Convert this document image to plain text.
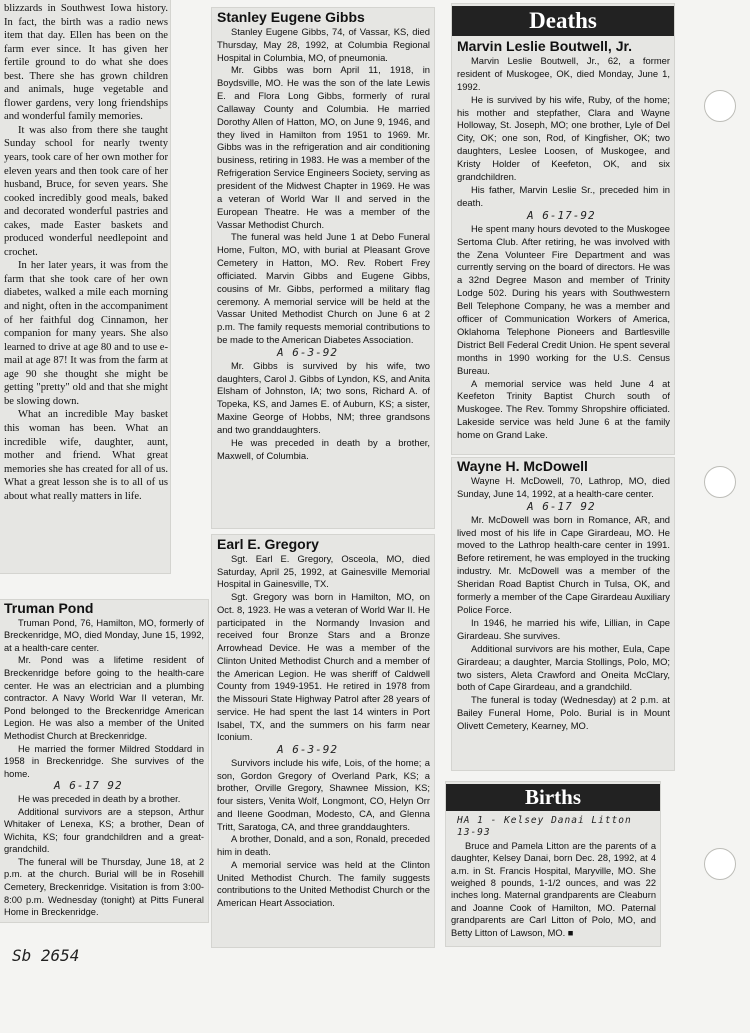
blizzards in Southwest Iowa history. In fact, the birth was a radio news item that day. Ellen has been on the farm ever since. It has given her fertile ground to do what she does best. There she has grown children and animals, huge vegetable and flower gardens, very long friendships and wonderful family memories.

It was also from there she taught Sunday school for nearly twenty years, took care of her own mother for eleven years and then took care of her husband, Bruce, for seven years. She cooked incredibly good meals, baked and decorated wonderful pastries and cakes, made Easter baskets and produced wonderful needlepoint and crochet.

In her later years, it was from the farm that she took care of her own diabetes, walked a mile each morning and night, often in the accompaniment of her faithful dog Cinnamon, her companion for many years. She also learned to drive at age 80 and to use e-mail at age 87! It was from the farm at age 90 she thought she might be getting "pretty" old and that she might be slowing down.

What an incredible May basket this woman has been. What an incredible wife, daughter, aunt, mother and friend. What great memories she has created for all of us. What a great lesson she is to all of us about what really matters in life.

Truman Pond

Truman Pond, 76, Hamilton, MO, formerly of Breckenridge, MO, died Monday, June 15, 1992, at a health-care center.

Mr. Pond was a lifetime resident of Breckenridge before going to the health-care center. He was an electrician and a plumbing contractor. A Navy World War II veteran, Mr. Pond belonged to the Breckenridge American Legion. He was also a member of the United Methodist Church at Breckenridge.

He married the former Mildred Stoddard in 1958 in Breckenridge. She survives of the home.

A 6-17 92

He was preceded in death by a brother.

Additional survivors are a stepson, Arthur Whitaker of Lenexa, KS; a brother, Dean of Wichita, KS; four grandchildren and a great-grandchild.

The funeral will be Thursday, June 18, at 2 p.m. at the church. Burial will be in Rosehill Cemetery, Breckenridge. Visitation is from 3:00-8:00 p.m. Wednesday (tonight) at Pitts Funeral Home in Breckenridge.

Stanley Eugene Gibbs

Stanley Eugene Gibbs, 74, of Vassar, KS, died Thursday, May 28, 1992, at Columbia Regional Hospital in Columbia, MO, of pneumonia.

Mr. Gibbs was born April 11, 1918, in Boydsville, MO. He was the son of the late Lewis E. and Flora Long Gibbs, formerly of rural Callaway County and Columbia. He married Dorothy Allen of Hatton, MO, on June 9, 1946, and they lived in Hamilton from 1951 to 1969. Mr. Gibbs was in the refrigeration and air conditioning business, retiring in 1983. He was a member of the Refrigeration Service Engineers Society, serving as president of the Midwest Chapter in 1969. He was a veteran of World War II and served in the European Theatre. He was a member of the Vassar Methodist Church.

The funeral was held June 1 at Debo Funeral Home, Fulton, MO, with burial at Pleasant Grove Cemetery in Hatton, MO. Rev. Robert Frey officiated. Marvin Gibbs and Eugene Gibbs, cousins of Mr. Gibbs, performed a military flag ceremony. A memorial service will be held at the Vassar United Methodist Church on June 6 at 2 p.m. The family requests memorial contributions to be made to the American Diabetes Association.

A 6-3-92

Mr. Gibbs is survived by his wife, two daughters, Carol J. Gibbs of Lyndon, KS, and Anita Elsham of Johnston, IA; two sons, Richard A. of Topeka, KS, and James E. of Auburn, KS; a sister, Maxine George of Hobbs, NM; three grandsons and two granddaughters.

He was preceded in death by a brother, Maxwell, of Columbia.

Earl E. Gregory

Sgt. Earl E. Gregory, Osceola, MO, died Saturday, April 25, 1992, at Gainesville Memorial Hospital in Gainesville, TX.

Sgt. Gregory was born in Hamilton, MO, on Oct. 8, 1923. He was a veteran of World War II. He participated in the Normandy Invasion and received four Bronze Stars and a Bronze Arrowhead Device. He was a member of the Clinton United Methodist Church and a member of the American Legion. He was sheriff of Caldwell County from 1949-1951. He retired in 1978 from the Missouri State Highway Patrol after 28 years of service. He had spent the last 14 winters in Port Isabel, TX, and the summers on his farm near Iconium.

A 6-3-92

Survivors include his wife, Lois, of the home; a son, Gordon Gregory of Overland Park, KS; a brother, Orville Gregory, Shawnee Mission, KS; four sisters, Venita Wolf, Longmont, CO, Helyn Orr and Ileene Goodman, Modesto, CA, and Glenna Tritt, Saratoga, CA, and three granddaughters.

A brother, Donald, and a son, Ronald, preceded him in death.

A memorial service was held at the Clinton United Methodist Church. The family suggests contributions to the United Methodist Church or the American Heart Association.

Deaths
Marvin Leslie Boutwell, Jr.

Marvin Leslie Boutwell, Jr., 62, a former resident of Muskogee, OK, died Monday, June 1, 1992.

He is survived by his wife, Ruby, of the home; his mother and stepfather, Clara and Wayne Holloway, St. Joseph, MO; one brother, Lyle of Del City, OK; one son, Rod, of Kingfisher, OK; two daughters, Leslee Loosen, of Muskogee, and Kristy Holder of Keefeton, OK, and six grandchildren.

His father, Marvin Leslie Sr., preceded him in death.

A 6-17-92

He spent many hours devoted to the Muskogee Sertoma Club. After retiring, he was involved with the Zena Volunteer Fire Department and was currently serving on the board of directors. He was a 32nd Degree Mason and member of Trinity Lodge 502. During his years with Southwestern Bell Telephone Company, he was a member and officer of Communication Workers of America, Oklahoma Telephone Pioneers and Bartlesville District Bell Federal Credit Union. He spent several months in 1990 working for the U.S. Census Bureau.

A memorial service was held June 4 at Keefeton Trinity Baptist Church south of Muskogee. The Rev. Tommy Shropshire officiated. Lakeside service was held June 6 at the family home on Grand Lake.

Wayne H. McDowell

Wayne H. McDowell, 70, Lathrop, MO, died Sunday, June 14, 1992, at a health-care center.

A 6-17 92

Mr. McDowell was born in Romance, AR, and lived most of his life in Cape Girardeau, MO. He moved to the Lathrop health-care center in 1991. Before retirement, he was employed in the trucking industry. Mr. McDowell was a member of the Sheridan Road Baptist Church in Tulsa, OK, and formerly a member of the Cape Girardeau Auxiliary Police Force.

In 1946, he married his wife, Lillian, in Cape Girardeau. She survives.

Additional survivors are his mother, Eula, Cape Girardeau; a daughter, Marcia Stollings, Polo, MO; two sisters, Aleta Crawford and Oneita McClary, both of Cape Girardeau, and a grandchild.

The funeral is today (Wednesday) at 2 p.m. at Bailey Funeral Home, Polo. Burial is in Mount Olivett Cemetery, Kearney, MO.

Births
HA 1 - Kelsey Danai Litton 13-93

Bruce and Pamela Litton are the parents of a daughter, Kelsey Danai, born Dec. 28, 1992, at 4 a.m. in St. Francis Hospital, Maryville, MO. She weighed 8 pounds, 1-1/2 ounces, and was 22 inches long. Maternal grandparents are Cleaburn and Joanne Cook of Hamilton, MO. Paternal grandparents are Carl Litton of Polo, MO, and Betty Litton of Lawson, MO. ■

Sb 2654
